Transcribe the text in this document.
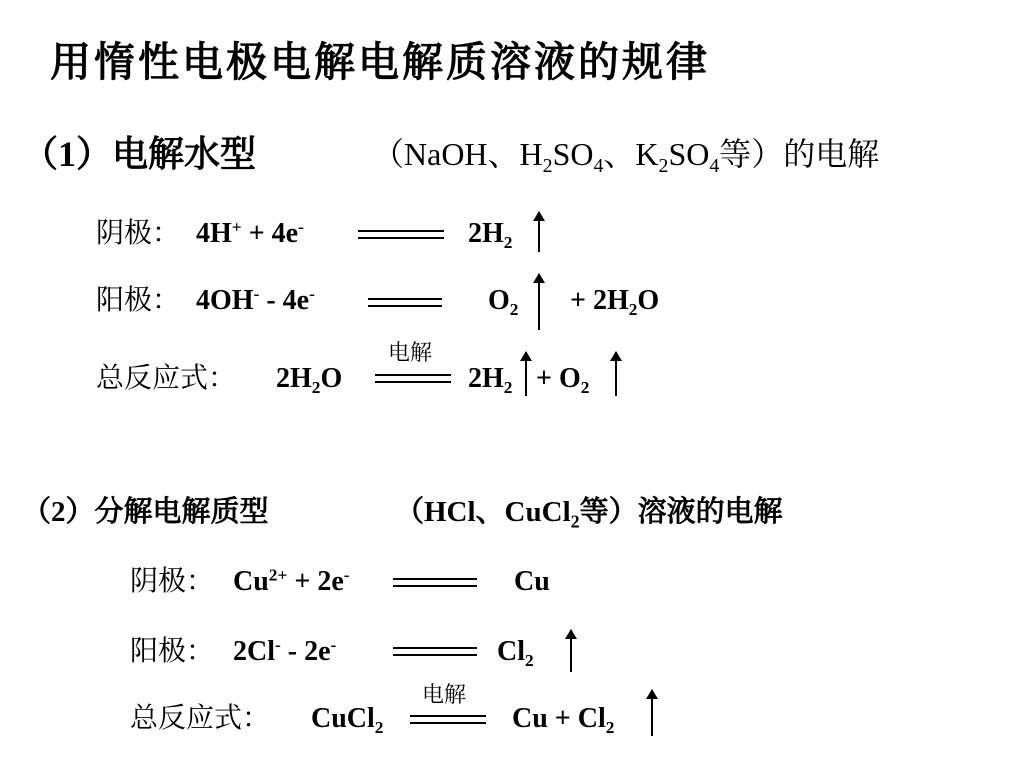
用惰性电极电解电解质溶液的规律
（1）电解水型	（NaOH、$H_2SO_4$、$K_2SO_4$等）的电解
阴极： 4H+ + 4e-	$2H_2$
阳极： 4OH- - 4e-	$O_2 + 2H_2O$
总反应式： $2H_2O$
电解
$2H_2 + O_2$
（2）分解电解质型	（HCl、CuCl$_2$等）溶液的电解
阴极： $Cu^{2+} + 2e^-$	Cu
阳极： 2Cl- - 2e-	$Cl_2$
总反应式： CuCl$_2$
电解
$Cu + Cl_2$
